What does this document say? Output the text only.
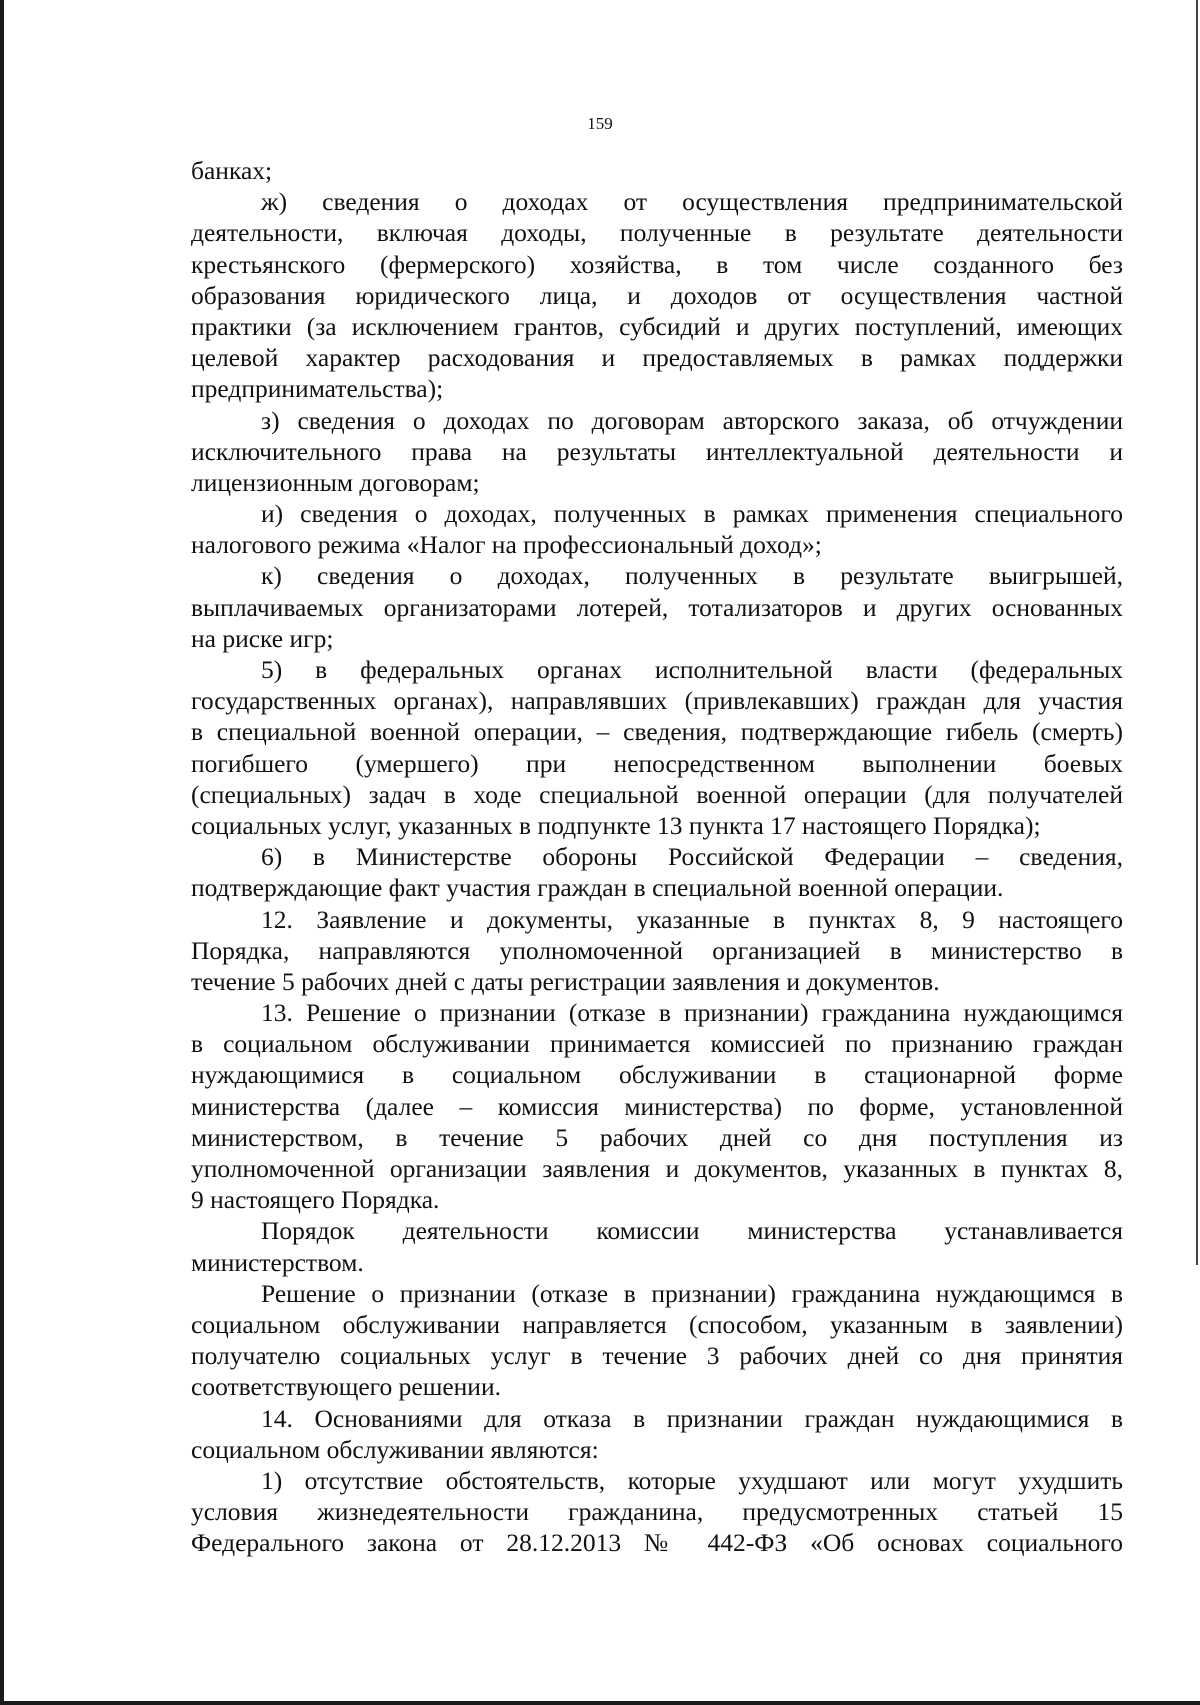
159
банках;
ж) сведения о доходах от осуществления предпринимательской
деятельности, включая доходы, полученные в результате деятельности
крестьянского (фермерского) хозяйства, в том числе созданного без
образования юридического лица, и доходов от осуществления частной
практики (за исключением грантов, субсидий и других поступлений, имеющих
целевой характер расходования и предоставляемых в рамках поддержки
предпринимательства);
з) сведения о доходах по договорам авторского заказа, об отчуждении
исключительного права на результаты интеллектуальной деятельности и
лицензионным договорам;
и) сведения о доходах, полученных в рамках применения специального
налогового режима «Налог на профессиональный доход»;
к) сведения о доходах, полученных в результате выигрышей,
выплачиваемых организаторами лотерей, тотализаторов и других основанных
на риске игр;
5) в федеральных органах исполнительной власти (федеральных
государственных органах), направлявших (привлекавших) граждан для участия
в специальной военной операции, – сведения, подтверждающие гибель (смерть)
погибшего (умершего) при непосредственном выполнении боевых
(специальных) задач в ходе специальной военной операции (для получателей
социальных услуг, указанных в подпункте 13 пункта 17 настоящего Порядка);
6) в Министерстве обороны Российской Федерации – сведения,
подтверждающие факт участия граждан в специальной военной операции.
12. Заявление и документы, указанные в пунктах 8, 9 настоящего
Порядка, направляются уполномоченной организацией в министерство в
течение 5 рабочих дней с даты регистрации заявления и документов.
13. Решение о признании (отказе в признании) гражданина нуждающимся
в социальном обслуживании принимается комиссией по признанию граждан
нуждающимися в социальном обслуживании в стационарной форме
министерства (далее – комиссия министерства) по форме, установленной
министерством, в течение 5 рабочих дней со дня поступления из
уполномоченной организации заявления и документов, указанных в пунктах 8,
9 настоящего Порядка.
Порядок деятельности комиссии министерства устанавливается
министерством.
Решение о признании (отказе в признании) гражданина нуждающимся в
социальном обслуживании направляется (способом, указанным в заявлении)
получателю социальных услуг в течение 3 рабочих дней со дня принятия
соответствующего решении.
14. Основаниями для отказа в признании граждан нуждающимися в
социальном обслуживании являются:
1) отсутствие обстоятельств, которые ухудшают или могут ухудшить
условия жизнедеятельности гражданина, предусмотренных статьей 15
Федерального закона от 28.12.2013 № 442-ФЗ «Об основах социального
